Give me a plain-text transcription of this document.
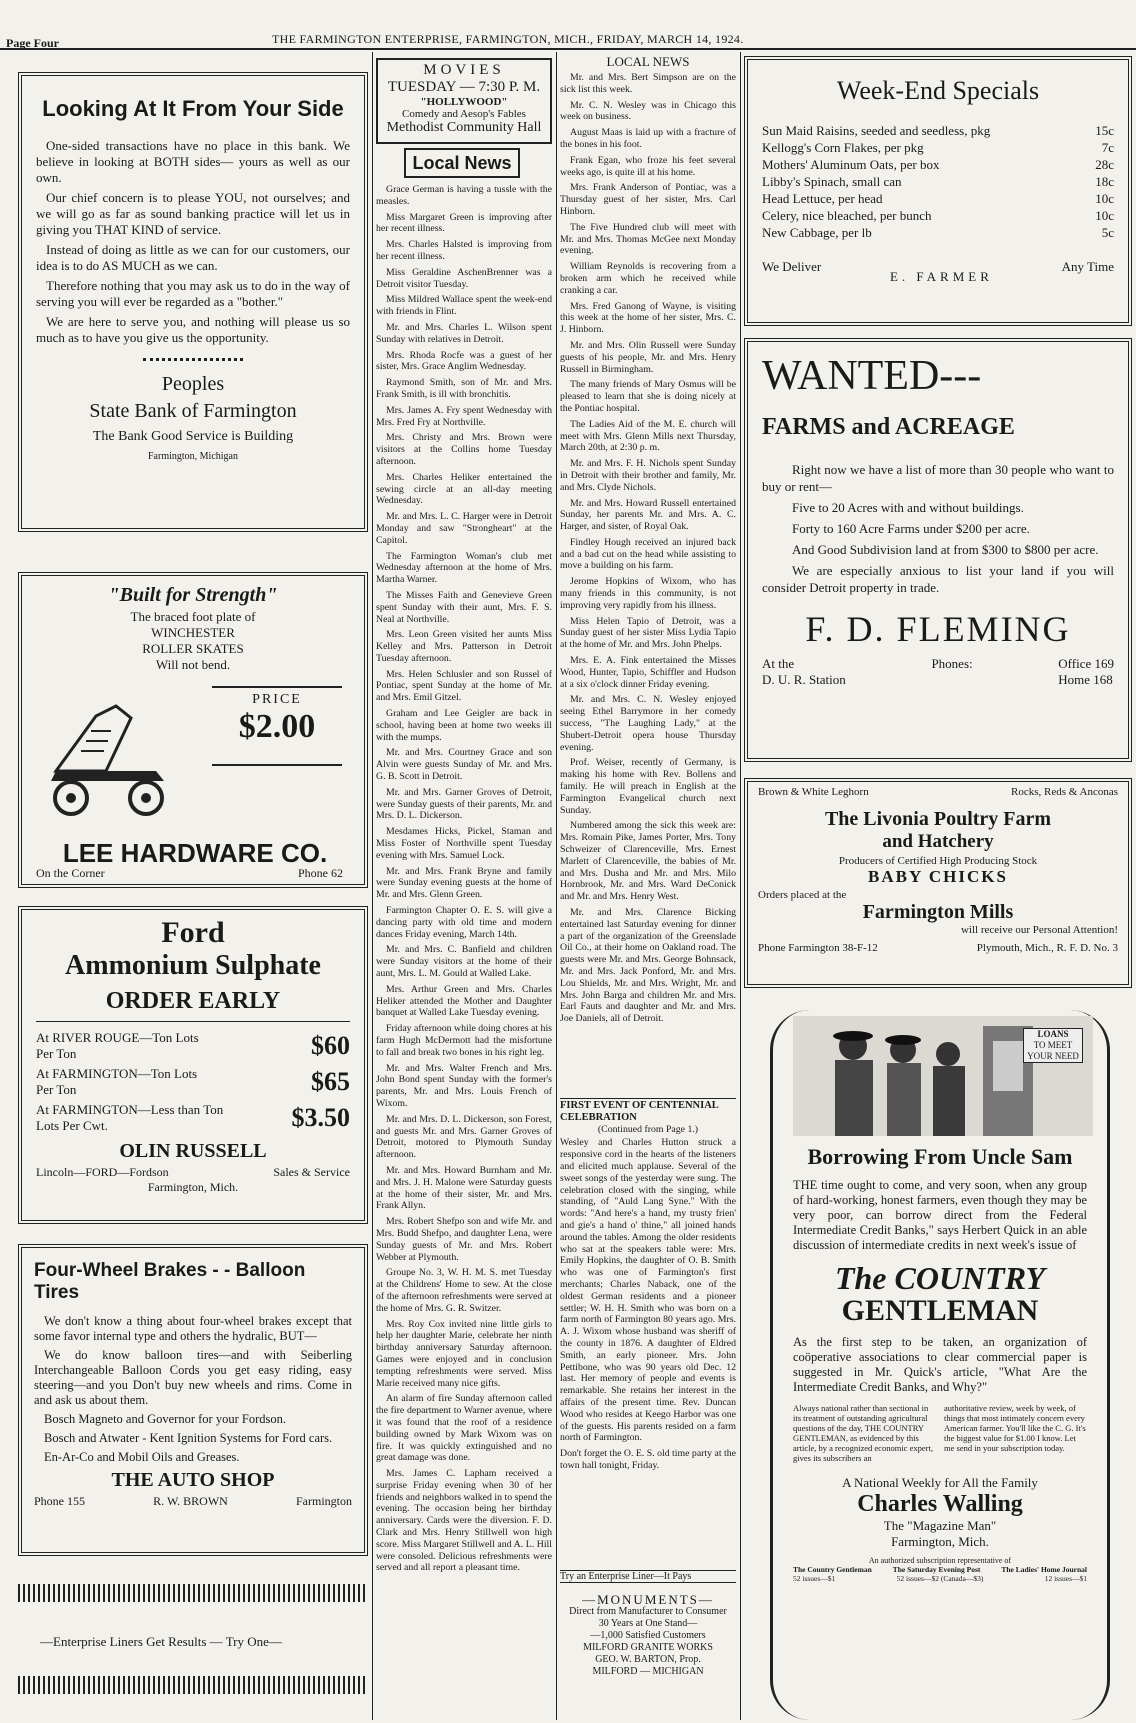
Page Four	THE FARMINGTON ENTERPRISE, FARMINGTON, MICH., FRIDAY, MARCH 14, 1924.
Looking At It From Your Side

One-sided transactions have no place in this bank. We believe in looking at BOTH sides— yours as well as our own.

Our chief concern is to please YOU, not ourselves; and we will go as far as sound banking practice will let us in giving you THAT KIND of service.

Instead of doing as little as we can for our customers, our idea is to do AS MUCH as we can.

Therefore nothing that you may ask us to do in the way of serving you will ever be regarded as a "bother."

We are here to serve you, and nothing will please us so much as to have you give us the opportunity.

Peoples
State Bank of Farmington
The Bank Good Service is Building
Farmington, Michigan
"Built for Strength"
The braced foot plate of
WINCHESTER
ROLLER SKATES
Will not bend.
PRICE
$2.00
LEE HARDWARE CO.
On the Corner	Phone 62
Ford
Ammonium Sulphate
ORDER EARLY
At RIVER ROUGE—Ton Lots
Per Ton	$60
At FARMINGTON—Ton Lots
Per Ton	$65
At FARMINGTON—Less than Ton
Lots Per Cwt.	$3.50
OLIN RUSSELL
Lincoln—FORD—Fordson	Sales & Service
Farmington, Mich.
Four-Wheel Brakes - - Balloon Tires

We don't know a thing about four-wheel brakes except that some favor internal type and others the hydralic, BUT—

We do know balloon tires—and with Seiberling Interchangeable Balloon Cords you get easy riding, easy steering—and you Don't buy new wheels and rims. Come in and ask us about them.

Bosch Magneto and Governor for your Fordson.

Bosch and Atwater - Kent Ignition Systems for Ford cars.

En-Ar-Co and Mobil Oils and Greases.

THE AUTO SHOP
Phone 155	R. W. BROWN	Farmington
—Enterprise Liners Get Results — Try One—
MOVIES
TUESDAY — 7:30 P. M.
"HOLLYWOOD"
Comedy and Aesop's Fables
Methodist Community Hall
Local News

Grace German is having a tussle with the measles.

Miss Margaret Green is improving after her recent illness.

Mrs. Charles Halsted is improving from her recent illness.

Miss Geraldine AschenBrenner was a Detroit visitor Tuesday.

Miss Mildred Wallace spent the week-end with friends in Flint.

Mr. and Mrs. Charles L. Wilson spent Sunday with relatives in Detroit.

Mrs. Rhoda Rocfe was a guest of her sister, Mrs. Grace Anglim Wednesday.

Raymond Smith, son of Mr. and Mrs. Frank Smith, is ill with bronchitis.

Mrs. James A. Fry spent Wednesday with Mrs. Fred Fry at Northville.

Mrs. Christy and Mrs. Brown were visitors at the Collins home Tuesday afternoon.

Mrs. Charles Heliker entertained the sewing circle at an all-day meeting Wednesday.

Mr. and Mrs. L. C. Harger were in Detroit Monday and saw "Strongheart" at the Capitol.

The Farmington Woman's club met Wednesday afternoon at the home of Mrs. Martha Warner.

The Misses Faith and Genevieve Green spent Sunday with their aunt, Mrs. F. S. Neal at Northville.

Mrs. Leon Green visited her aunts Miss Kelley and Mrs. Patterson in Detroit Tuesday afternoon.

Mrs. Helen Schlusler and son Russel of Pontiac, spent Sunday at the home of Mr. and Mrs. Emil Gitzel.

Graham and Lee Geigler are back in school, having been at home two weeks ill with the mumps.

Mr. and Mrs. Courtney Grace and son Alvin were guests Sunday of Mr. and Mrs. G. B. Scott in Detroit.

Mr. and Mrs. Garner Groves of Detroit, were Sunday guests of their parents, Mr. and Mrs. D. L. Dickerson.

Mesdames Hicks, Pickel, Staman and Miss Foster of Northville spent Tuesday evening with Mrs. Samuel Lock.

Mr. and Mrs. Frank Bryne and family were Sunday evening guests at the home of Mr. and Mrs. Glenn Green.

Farmington Chapter O. E. S. will give a dancing party with old time and modern dances Friday evening, March 14th.

Mr. and Mrs. C. Banfield and children were Sunday visitors at the home of their aunt, Mrs. L. M. Gould at Walled Lake.

Mrs. Arthur Green and Mrs. Charles Heliker attended the Mother and Daughter banquet at Walled Lake Tuesday evening.

Friday afternoon while doing chores at his farm Hugh McDermott had the misfortune to fall and break two bones in his right leg.

Mr. and Mrs. Walter French and Mrs. John Bond spent Sunday with the former's parents, Mr. and Mrs. Louis French of Wixom.

Mr. and Mrs. D. L. Dickerson, son Forest, and guests Mr. and Mrs. Garner Groves of Detroit, motored to Plymouth Sunday afternoon.

Mr. and Mrs. Howard Burnham and Mr. and Mrs. J. H. Malone were Saturday guests at the home of their sister, Mr. and Mrs. Frank Allyn.

Mrs. Robert Shefpo son and wife Mr. and Mrs. Budd Shefpo, and daughter Lena, were Sunday guests of Mr. and Mrs. Robert Webber at Plymouth.

Groupe No. 3, W. H. M. S. met Tuesday at the Childrens' Home to sew. At the close of the afternoon refreshments were served at the home of Mrs. G. R. Switzer.

Mrs. Roy Cox invited nine little girls to help her daughter Marie, celebrate her ninth birthday anniversary Saturday afternoon. Games were enjoyed and in conclusion tempting refreshments were served. Miss Marie received many nice gifts.

An alarm of fire Sunday afternoon called the fire department to Warner avenue, where it was found that the roof of a residence building owned by Mark Wixom was on fire. It was quickly extinguished and no great damage was done.

Mrs. James C. Lapham received a surprise Friday evening when 30 of her friends and neighbors walked in to spend the evening. The occasion being her birthday anniversary. Cards were the diversion. F. D. Clark and Mrs. Henry Stillwell won high score. Miss Margaret Stillwell and A. L. Hill were consoled. Delicious refreshments were served and all report a pleasant time.

LOCAL NEWS

Mr. and Mrs. Bert Simpson are on the sick list this week.

Mr. C. N. Wesley was in Chicago this week on business.

August Maas is laid up with a fracture of the bones in his foot.

Frank Egan, who froze his feet several weeks ago, is quite ill at his home.

Mrs. Frank Anderson of Pontiac, was a Thursday guest of her sister, Mrs. Carl Hinborn.

The Five Hundred club will meet with Mr. and Mrs. Thomas McGee next Monday evening.

William Reynolds is recovering from a broken arm which he received while cranking a car.

Mrs. Fred Ganong of Wayne, is visiting this week at the home of her sister, Mrs. C. J. Hinborn.

Mr. and Mrs. Olin Russell were Sunday guests of his people, Mr. and Mrs. Henry Russell in Birmingham.

The many friends of Mary Osmus will be pleased to learn that she is doing nicely at the Pontiac hospital.

The Ladies Aid of the M. E. church will meet with Mrs. Glenn Mills next Thursday, March 20th, at 2:30 p. m.

Mr. and Mrs. F. H. Nichols spent Sunday in Detroit with their brother and family, Mr. and Mrs. Clyde Nichols.

Mr. and Mrs. Howard Russell entertained Sunday, her parents Mr. and Mrs. A. C. Harger, and sister, of Royal Oak.

Findley Hough received an injured back and a bad cut on the head while assisting to move a building on his farm.

Jerome Hopkins of Wixom, who has many friends in this community, is not improving very rapidly from his illness.

Miss Helen Tapio of Detroit, was a Sunday guest of her sister Miss Lydia Tapio at the home of Mr. and Mrs. John Phelps.

Mrs. E. A. Fink entertained the Misses Wood, Hunter, Tapio, Schiffler and Hudson at a six o'clock dinner Friday evening.

Mr. and Mrs. C. N. Wesley enjoyed seeing Ethel Barrymore in her comedy success, "The Laughing Lady," at the Shubert-Detroit opera house Thursday evening.

Prof. Weiser, recently of Germany, is making his home with Rev. Bollens and family. He will preach in English at the Farmington Evangelical church next Sunday.

Numbered among the sick this week are: Mrs. Romain Pike, James Porter, Mrs. Tony Schweizer of Clarenceville, Mrs. Ernest Marlett of Clarenceville, the babies of Mr. and Mrs. Dusha and Mr. and Mrs. Milo Hornbrook, Mr. and Mrs. Ward DeConick and Mr. and Mrs. Henry West.

Mr. and Mrs. Clarence Bicking entertained last Saturday evening for dinner a part of the organization of the Greenslade Oil Co., at their home on Oakland road. The guests were Mr. and Mrs. George Bohnsack, Mr. and Mrs. Jack Ponford, Mr. and Mrs. Lou Shields, Mr. and Mrs. Wright, Mr. and Mrs. John Barga and children Mr. and Mrs. Earl Fauts and daughter and Mr. and Mrs. Joe Daniels, all of Detroit.

FIRST EVENT OF CENTENNIAL CELEBRATION
(Continued from Page 1.)
Wesley and Charles Hutton struck a responsive cord in the hearts of the listeners and elicited much applause. Several of the sweet songs of the yesterday were sung. The celebration closed with the singing, while standing, of "Auld Lang Syne." With the words: "And here's a hand, my trusty frien' and gie's a hand o' thine," all joined hands around the tables. Among the older residents who sat at the speakers table were: Mrs. Emily Hopkins, the daughter of O. B. Smith who was one of Farmington's first merchants; Charles Naback, one of the oldest German residents and a pioneer settler; W. H. H. Smith who was born on a farm north of Farmington 80 years ago. Mrs. A. J. Wixom whose husband was sheriff of the county in 1876. A daughter of Eldred Smith, an early pioneer. Mrs. John Pettibone, who was 90 years old Dec. 12 last. Her memory of people and events is remarkable. She retains her interest in the affairs of the present time. Rev. Duncan Wood who resides at Keego Harbor was one of the guests. His parents resided on a farm north of Farmington.
Don't forget the O. E. S. old time party at the town hall tonight, Friday.
Try an Enterprise Liner—It Pays
—MONUMENTS—
Direct from Manufacturer to Consumer
30 Years at One Stand—
—1,000 Satisfied Customers
MILFORD GRANITE WORKS
GEO. W. BARTON, Prop.
MILFORD — MICHIGAN
Week-End Specials
Sun Maid Raisins, seeded and seedless, pkg	15c
Kellogg's Corn Flakes, per pkg	7c
Mothers' Aluminum Oats, per box	28c
Libby's Spinach, small can	18c
Head Lettuce, per head	10c
Celery, nice bleached, per bunch	10c
New Cabbage, per lb	5c
We Deliver
E. FARMER
Any Time
WANTED---
FARMS and ACREAGE

Right now we have a list of more than 30 people who want to buy or rent—

Five to 20 Acres with and without buildings.

Forty to 160 Acre Farms under $200 per acre.

And Good Subdivision land at from $300 to $800 per acre.

We are especially anxious to list your land if you will consider Detroit property in trade.

F. D. FLEMING
At the
D. U. R. Station
Phones:	Office 169
Home 168
Brown & White Leghorn	Rocks, Reds & Anconas
The Livonia Poultry Farm
and Hatchery
Producers of Certified High Producing Stock
BABY CHICKS
Orders placed at the
Farmington Mills
will receive our Personal Attention!
Phone Farmington 38-F-12	Plymouth, Mich., R. F. D. No. 3
LOANS
TO MEET
YOUR NEED
Borrowing From Uncle Sam
THE time ought to come, and very soon, when any group of hard-working, honest farmers, even though they may be very poor, can borrow direct from the Federal Intermediate Credit Banks," says Herbert Quick in an able discussion of intermediate credits in next week's issue of
The COUNTRY
GENTLEMAN
As the first step to be taken, an organization of coöperative associations to clear commercial paper is suggested in Mr. Quick's article, "What Are the Intermediate Credit Banks, and Why?"
Always national rather than sectional in its treatment of outstanding agricultural questions of the day, THE COUNTRY GENTLEMAN, as evidenced by this article, by a recognized economic expert, gives its subscribers an
authoritative review, week by week, of things that most intimately concern every American farmer. You'll like the C. G. It's the biggest value for $1.00 I know. Let me send in your subscription today.
A National Weekly for All the Family
Charles Walling
The "Magazine Man"
Farmington, Mich.
An authorized subscription representative of
The Country Gentleman	The Saturday Evening Post	The Ladies' Home Journal
52 issues—$1	52 issues—$2 (Canada—$3)	12 issues—$1
